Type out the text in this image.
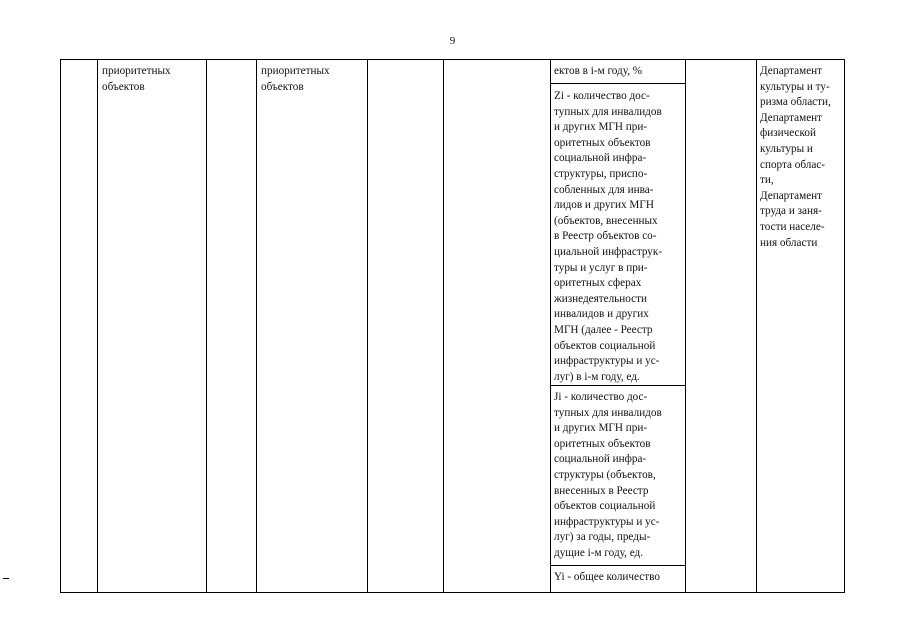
9
приоритетных
объектов
приоритетных
объектов
ектов в i-м году, %
Zi - количество дос-
тупных для инвалидов
и других МГН при-
оритетных объектов
социальной инфра-
структуры, приспо-
собленных для инва-
лидов и других МГН
(объектов, внесенных
в Реестр объектов со-
циальной инфраструк-
туры и услуг в при-
оритетных сферах
жизнедеятельности
инвалидов и других
МГН (далее - Реестр
объектов социальной
инфраструктуры и ус-
луг) в i-м году, ед.
Ji - количество дос-
тупных для инвалидов
и других МГН при-
оритетных объектов
социальной инфра-
структуры (объектов,
внесенных в Реестр
объектов социальной
инфраструктуры и ус-
луг) за годы, преды-
дущие i-м году, ед.
Yi - общее количество
Департамент
культуры и ту-
ризма области,
Департамент
физической
культуры и
спорта облас-
ти,
Департамент
труда и заня-
тости населе-
ния области
